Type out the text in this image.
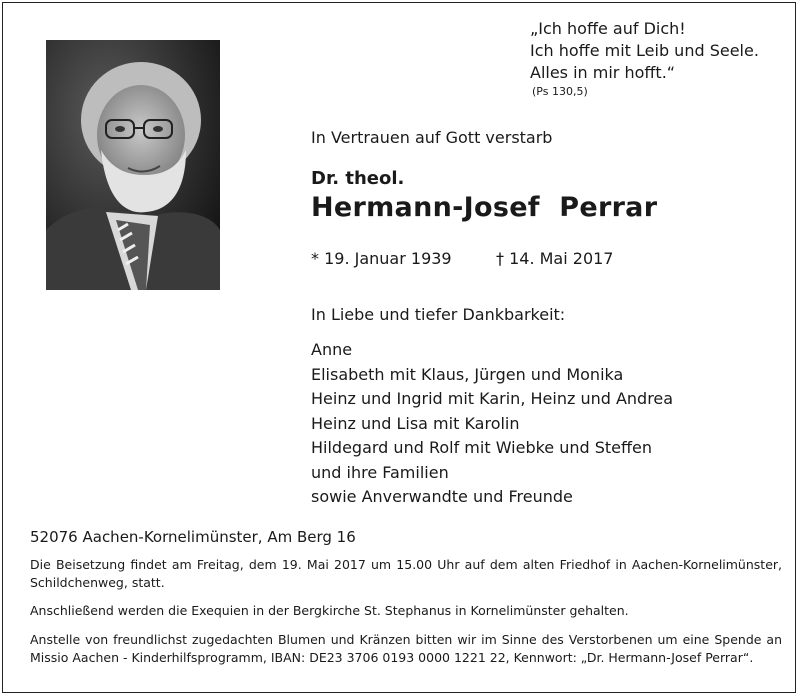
„Ich hoffe auf Dich!
Ich hoffe mit Leib und Seele.
Alles in mir hofft.“
(Ps 130,5)
In Vertrauen auf Gott verstarb
Dr. theol.
Hermann-Josef  Perrar
* 19. Januar 1939	† 14. Mai 2017
In Liebe und tiefer Dankbarkeit:
Anne
Elisabeth mit Klaus, Jürgen und Monika
Heinz und Ingrid mit Karin, Heinz und Andrea
Heinz und Lisa mit Karolin
Hildegard und Rolf mit Wiebke und Steffen
und ihre Familien
sowie Anverwandte und Freunde
52076 Aachen-Kornelimünster, Am Berg 16
Die Beisetzung findet am Freitag, dem 19. Mai 2017 um 15.00 Uhr auf dem alten Friedhof in Aachen-Kornelimünster, Schildchenweg, statt.
Anschließend werden die Exequien in der Bergkirche St. Stephanus in Kornelimünster gehalten.
Anstelle von freundlichst zugedachten Blumen und Kränzen bitten wir im Sinne des Verstorbenen um eine Spende an Missio Aachen - Kinderhilfsprogramm, IBAN: DE23 3706 0193 0000 1221 22, Kennwort: „Dr. Hermann-Josef Perrar“.
